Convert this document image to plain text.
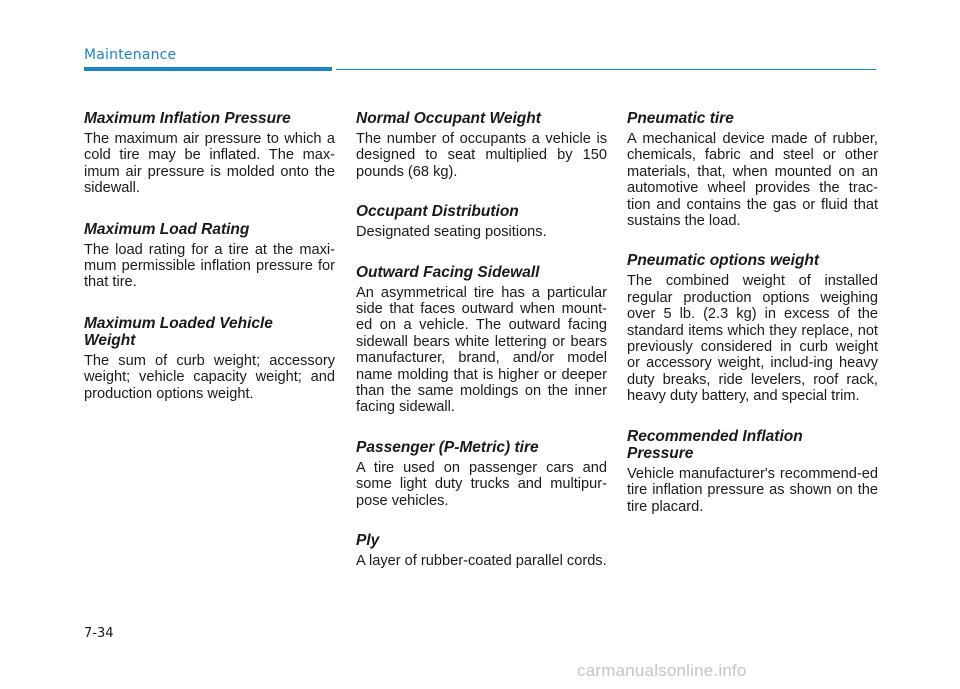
Maintenance

Maximum Inflation Pressure

The maximum air pressure to which a cold tire may be inflated. The max-imum air pressure is molded onto the sidewall.

Maximum Load Rating

The load rating for a tire at the maxi-mum permissible inflation pressure for that tire.

Maximum Loaded Vehicle Weight

The sum of curb weight; accessory weight; vehicle capacity weight; and production options weight.

Normal Occupant Weight

The number of occupants a vehicle is designed to seat multiplied by 150 pounds (68 kg).

Occupant Distribution

Designated seating positions.

Outward Facing Sidewall

An asymmetrical tire has a particular side that faces outward when mount-ed on a vehicle. The outward facing sidewall bears white lettering or bears manufacturer, brand, and/or model name molding that is higher or deeper than the same moldings on the inner facing sidewall.

Passenger (P-Metric) tire

A tire used on passenger cars and some light duty trucks and multipur-pose vehicles.

Ply

A layer of rubber-coated parallel cords.

Pneumatic tire

A mechanical device made of rubber, chemicals, fabric and steel or other materials, that, when mounted on an automotive wheel provides the trac-tion and contains the gas or fluid that sustains the load.

Pneumatic options weight

The combined weight of installed regular production options weighing over 5 lb. (2.3 kg) in excess of the standard items which they replace, not previously considered in curb weight or accessory weight, includ-ing heavy duty breaks, ride levelers, roof rack, heavy duty battery, and special trim.

Recommended Inflation Pressure

Vehicle manufacturer's recommend-ed tire inflation pressure as shown on the tire placard.

7-34
carmanualsonline.info
